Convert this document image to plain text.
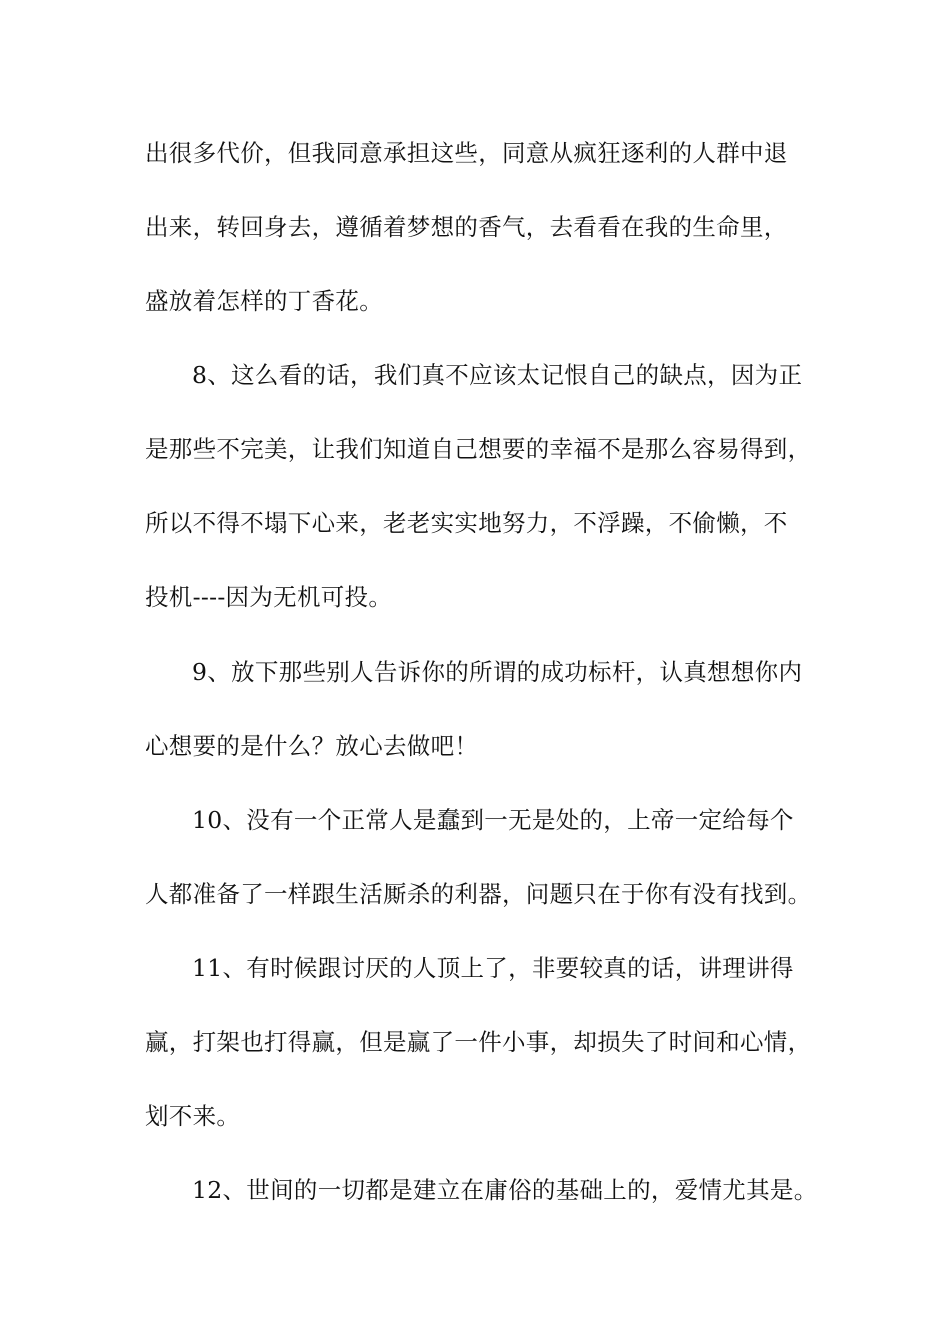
出很多代价，但我同意承担这些，同意从疯狂逐利的人群中退
出来，转回身去，遵循着梦想的香气，去看看在我的生命里，
盛放着怎样的丁香花。
8、这么看的话，我们真不应该太记恨自己的缺点，因为正
是那些不完美，让我们知道自己想要的幸福不是那么容易得到，
所以不得不塌下心来，老老实实地努力，不浮躁，不偷懒，不
投机----因为无机可投。
9、放下那些别人告诉你的所谓的成功标杆，认真想想你内
心想要的是什么？放心去做吧！
10、没有一个正常人是蠢到一无是处的，上帝一定给每个
人都准备了一样跟生活厮杀的利器，问题只在于你有没有找到。
11、有时候跟讨厌的人顶上了，非要较真的话，讲理讲得
赢，打架也打得赢，但是赢了一件小事，却损失了时间和心情，
划不来。
12、世间的一切都是建立在庸俗的基础上的，爱情尤其是。
